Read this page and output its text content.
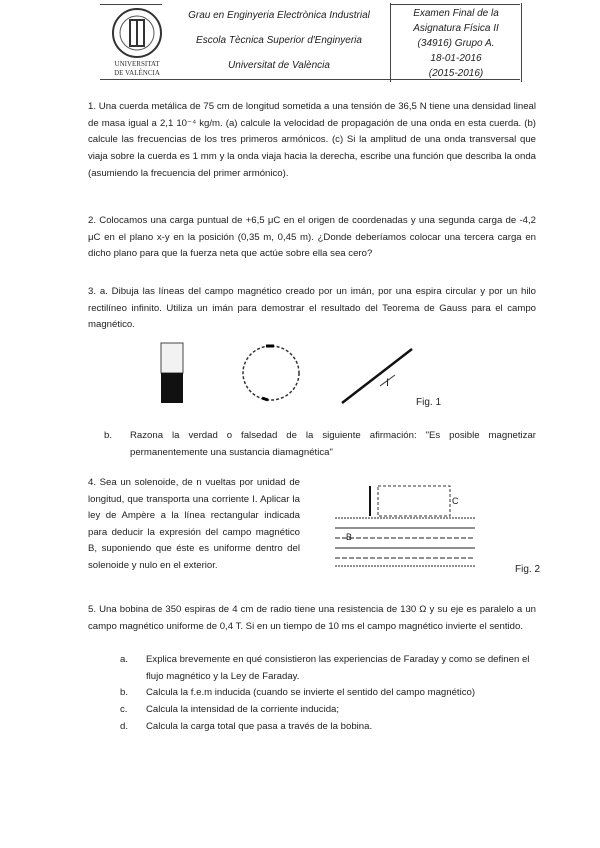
UNIVERSITAT
DE VALÈNCIA
Grau en Enginyeria Electrònica Industrial
Escola Tècnica Superior d'Enginyeria
Universitat de València
Examen Final de la
Asignatura Física II
(34916) Grupo A.
18-01-2016
(2015-2016)
1. Una cuerda metálica de 75 cm de longitud sometida a una tensión de 36,5 N tiene una densidad lineal de masa igual a 2,1 10⁻⁴ kg/m. (a) calcule la velocidad de propagación de una onda en esta cuerda. (b) calcule las frecuencias de los tres primeros armónicos. (c) Si la amplitud de una onda transversal que viaja sobre la cuerda es 1 mm y la onda viaja hacia la derecha, escribe una función que describa la onda (asumiendo la frecuencia del primer armónico).
2. Colocamos una carga puntual de +6,5 μC en el origen de coordenadas y una segunda carga de -4,2 μC en el plano x-y en la posición (0,35 m, 0,45 m). ¿Donde deberíamos colocar una tercera carga en dicho plano para que la fuerza neta que actúe sobre ella sea cero?
3. a. Dibuja las líneas del campo magnético creado por un imán, por una espira circular y por un hilo rectilíneo infinito. Utiliza un imán para demostrar el resultado del Teorema de Gauss para el campo magnético.
I
Fig. 1
b. Razona la verdad o falsedad de la siguiente afirmación: "Es posible magnetizar permanentemente una sustancia diamagnética"
4. Sea un solenoide, de n vueltas por unidad de longitud, que transporta una corriente I. Aplicar la ley de Ampère a la línea rectangular indicada para deducir la expresión del campo magnético B, suponiendo que éste es uniforme dentro del solenoide y nulo en el exterior.
C
B
Fig. 2
5. Una bobina de 350 espiras de 4 cm de radio tiene una resistencia de 130 Ω y su eje es paralelo a un campo magnético uniforme de 0,4 T. Si en un tiempo de 10 ms el campo magnético invierte el sentido.
a. Explica brevemente en qué consistieron las experiencias de Faraday y como se definen el flujo magnético y la Ley de Faraday.
b. Calcula la f.e.m inducida (cuando se invierte el sentido del campo magnético)
c. Calcula la intensidad de la corriente inducida;
d. Calcula la carga total que pasa a través de la bobina.
